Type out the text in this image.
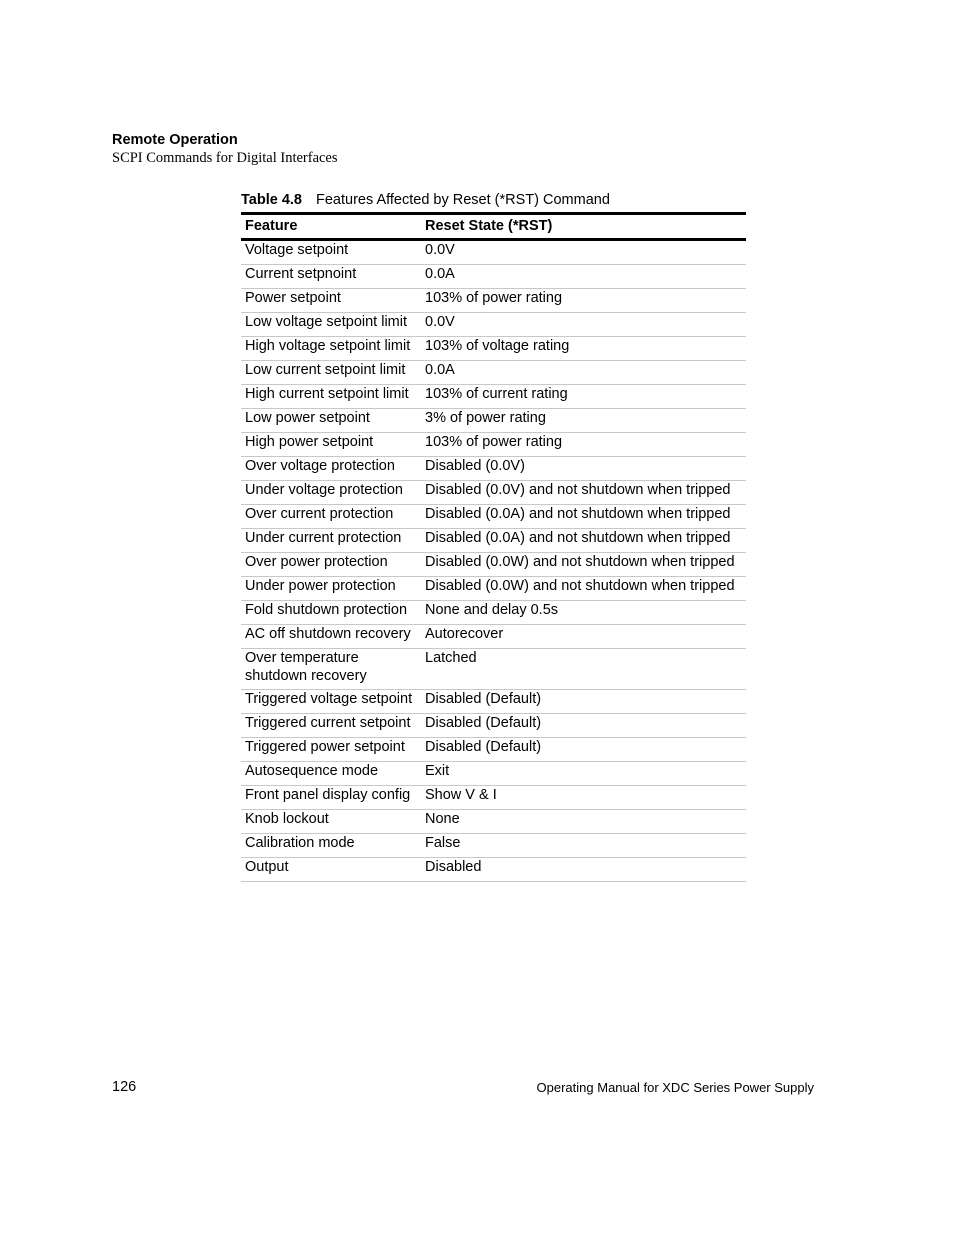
Remote Operation
SCPI Commands for Digital Interfaces
Table 4.8 Features Affected by Reset (*RST) Command
Feature	Reset State (*RST)
Voltage setpoint	0.0V
Current setpnoint	0.0A
Power setpoint	103% of power rating
Low voltage setpoint limit	0.0V
High voltage setpoint limit	103% of voltage rating
Low current setpoint limit	0.0A
High current setpoint limit	103% of current rating
Low power setpoint	3% of power rating
High power setpoint	103% of power rating
Over voltage protection	Disabled (0.0V)
Under voltage protection	Disabled (0.0V) and not shutdown when tripped
Over current protection	Disabled (0.0A) and not shutdown when tripped
Under current protection	Disabled (0.0A) and not shutdown when tripped
Over power protection	Disabled (0.0W) and not shutdown when tripped
Under power protection	Disabled (0.0W) and not shutdown when tripped
Fold shutdown protection	None and delay 0.5s
AC off shutdown recovery	Autorecover
Over temperature shutdown recovery	Latched
Triggered voltage setpoint	Disabled (Default)
Triggered current setpoint	Disabled (Default)
Triggered power setpoint	Disabled (Default)
Autosequence mode	Exit
Front panel display config	Show V & I
Knob lockout	None
Calibration mode	False
Output	Disabled
126	Operating Manual for XDC Series Power Supply
